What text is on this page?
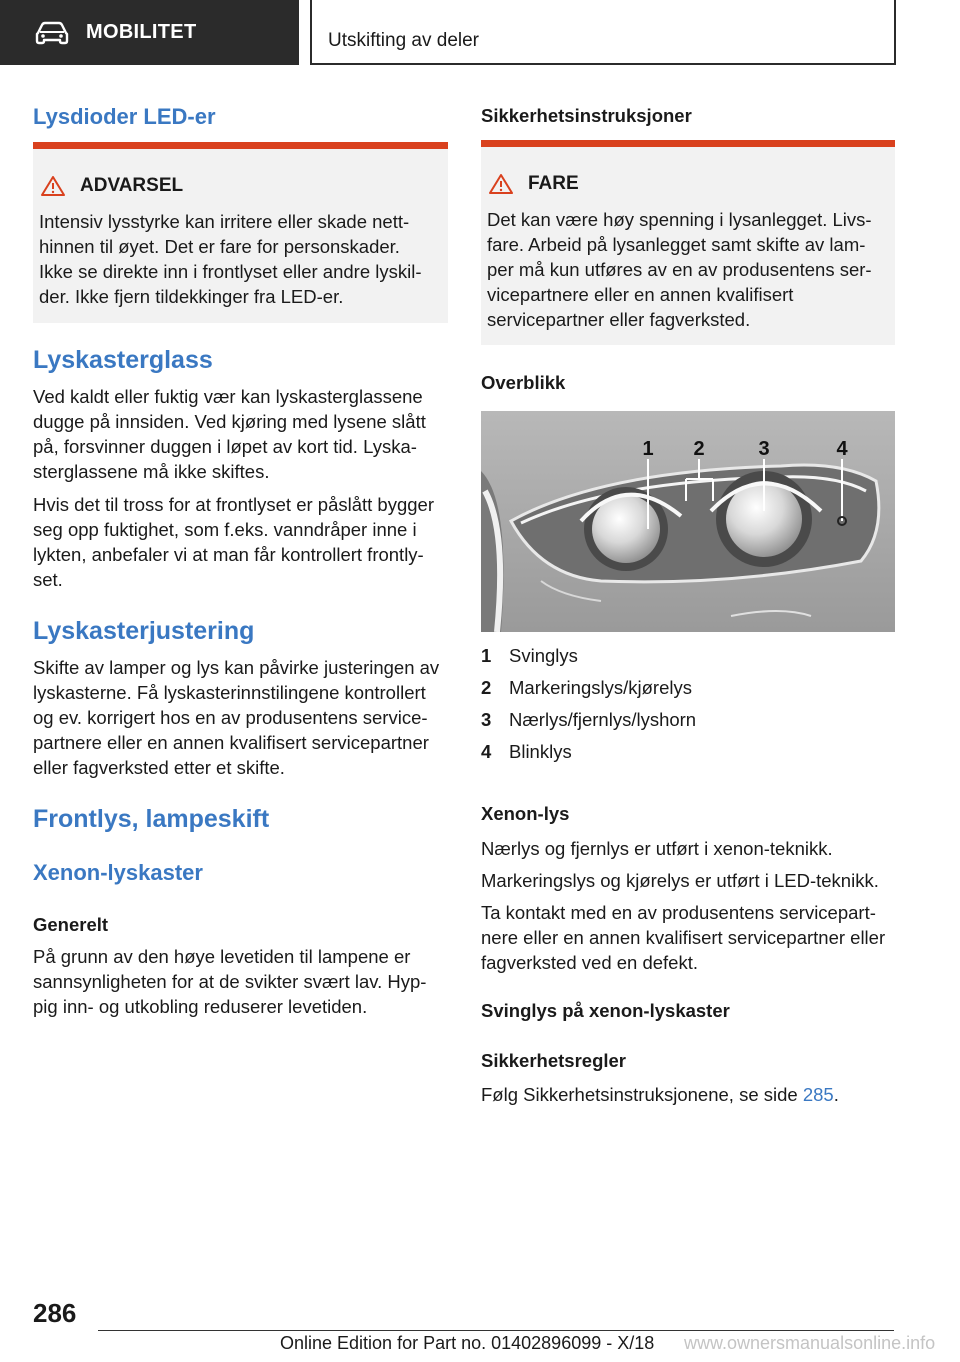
MOBILITET	Utskifting av deler
Lysdioder LED-er
ADVARSEL
Intensiv lysstyrke kan irritere eller skade nett-
hinnen til øyet. Det er fare for personskader.
Ikke se direkte inn i frontlyset eller andre lyskil-
der. Ikke fjern tildekkinger fra LED-er.
Lyskasterglass
Ved kaldt eller fuktig vær kan lyskasterglassene
dugge på innsiden. Ved kjøring med lysene slått
på, forsvinner duggen i løpet av kort tid. Lyska-
sterglassene må ikke skiftes.
Hvis det til tross for at frontlyset er påslått bygger
seg opp fuktighet, som f.eks. vanndråper inne i
lykten, anbefaler vi at man får kontrollert frontly-
set.
Lyskasterjustering
Skifte av lamper og lys kan påvirke justeringen av
lyskasterne. Få lyskasterinnstilingene kontrollert
og ev. korrigert hos en av produsentens service-
partnere eller en annen kvalifisert servicepartner
eller fagverksted etter et skifte.
Frontlys, lampeskift
Xenon-lyskaster
Generelt
På grunn av den høye levetiden til lampene er
sannsynligheten for at de svikter svært lav. Hyp-
pig inn- og utkobling reduserer levetiden.
Sikkerhetsinstruksjoner
FARE
Det kan være høy spenning i lysanlegget. Livs-
fare. Arbeid på lysanlegget samt skifte av lam-
per må kun utføres av en av produsentens ser-
vicepartnere eller en annen kvalifisert
servicepartner eller fagverksted.
Overblikk
1 2	3	4
1 Svinglys
2 Markeringslys/kjørelys
3 Nærlys/fjernlys/lyshorn
4 Blinklys
Xenon-lys
Nærlys og fjernlys er utført i xenon-teknikk.
Markeringslys og kjørelys er utført i LED-teknikk.
Ta kontakt med en av produsentens servicepart-
nere eller en annen kvalifisert servicepartner eller
fagverksted ved en defekt.
Svinglys på xenon-lyskaster
Sikkerhetsregler
Følg Sikkerhetsinstruksjonene, se side 285.
286
Online Edition for Part no. 01402896099 - X/18 www.ownersmanualsonline.info
